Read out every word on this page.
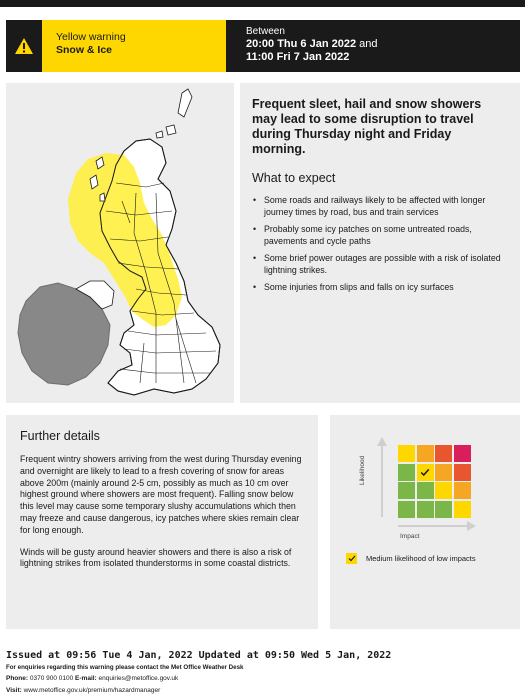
Yellow warning
Snow & Ice
Between
20:00 Thu 6 Jan 2022 and
11:00 Fri 7 Jan 2022
Frequent sleet, hail and snow showers may lead to some disruption to travel during Thursday night and Friday morning.
What to expect
• Some roads and railways likely to be affected with longer journey times by road, bus and train services
• Probably some icy patches on some untreated roads, pavements and cycle paths
• Some brief power outages are possible with a risk of isolated lightning strikes.
• Some injuries from slips and falls on icy surfaces
Further details

Frequent wintry showers arriving from the west during Thursday evening and overnight are likely to lead to a fresh covering of snow for areas above 200m (mainly around 2-5 cm, possibly as much as 10 cm over highest ground where showers are most frequent). Falling snow below this level may cause some temporary slushy accumulations which then may freeze and cause dangerous, icy patches where skies remain clear for long enough.

Winds will be gusty around heavier showers and there is also a risk of lightning strikes from isolated thunderstorms in some coastal districts.

Likelihood
Impact
Medium likelihood of low impacts
Issued at 09:56 Tue 4 Jan, 2022 Updated at 09:50 Wed 5 Jan, 2022
For enquiries regarding this warning please contact the Met Office Weather Desk
Phone: 0370 900 0100 E-mail: enquiries@metoffice.gov.uk
Visit: www.metoffice.gov.uk/premium/hazardmanager
